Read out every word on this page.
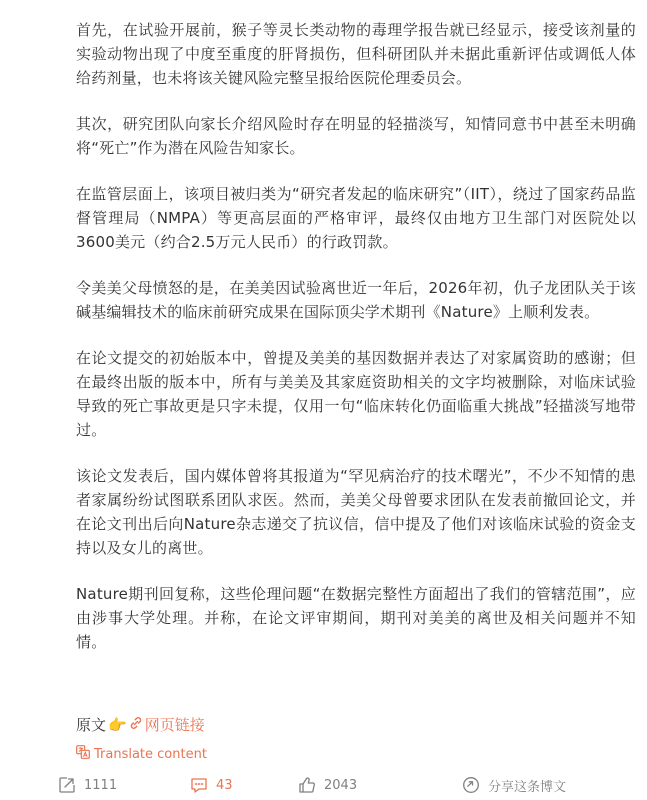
首先，在试验开展前，猴子等灵长类动物的毒理学报告就已经显示，接受该剂量的实验动物出现了中度至重度的肝肾损伤，但科研团队并未据此重新评估或调低人体给药剂量，也未将该关键风险完整呈报给医院伦理委员会。

其次，研究团队向家长介绍风险时存在明显的轻描淡写，知情同意书中甚至未明确将“死亡”作为潜在风险告知家长。

在监管层面上，该项目被归类为“研究者发起的临床研究”（IIT），绕过了国家药品监督管理局（NMPA）等更高层面的严格审评，最终仅由地方卫生部门对医院处以3600美元（约合2.5万元人民币）的行政罚款。

令美美父母愤怒的是，在美美因试验离世近一年后，2026年初，仇子龙团队关于该碱基编辑技术的临床前研究成果在国际顶尖学术期刊《Nature》上顺利发表。

在论文提交的初始版本中，曾提及美美的基因数据并表达了对家属资助的感谢；但在最终出版的版本中，所有与美美及其家庭资助相关的文字均被删除，对临床试验导致的死亡事故更是只字未提，仅用一句“临床转化仍面临重大挑战”轻描淡写地带过。

该论文发表后，国内媒体曾将其报道为“罕见病治疗的技术曙光”，不少不知情的患者家属纷纷试图联系团队求医。然而，美美父母曾要求团队在发表前撤回论文，并在论文刊出后向Nature杂志递交了抗议信，信中提及了他们对该临床试验的资金支持以及女儿的离世。

Nature期刊回复称，这些伦理问题“在数据完整性方面超出了我们的管辖范围”，应由涉事大学处理。并称，在论文评审期间，期刊对美美的离世及相关问题并不知情。

原文 👉 网页链接
Translate content
1111	43	2043	分享这条博文
